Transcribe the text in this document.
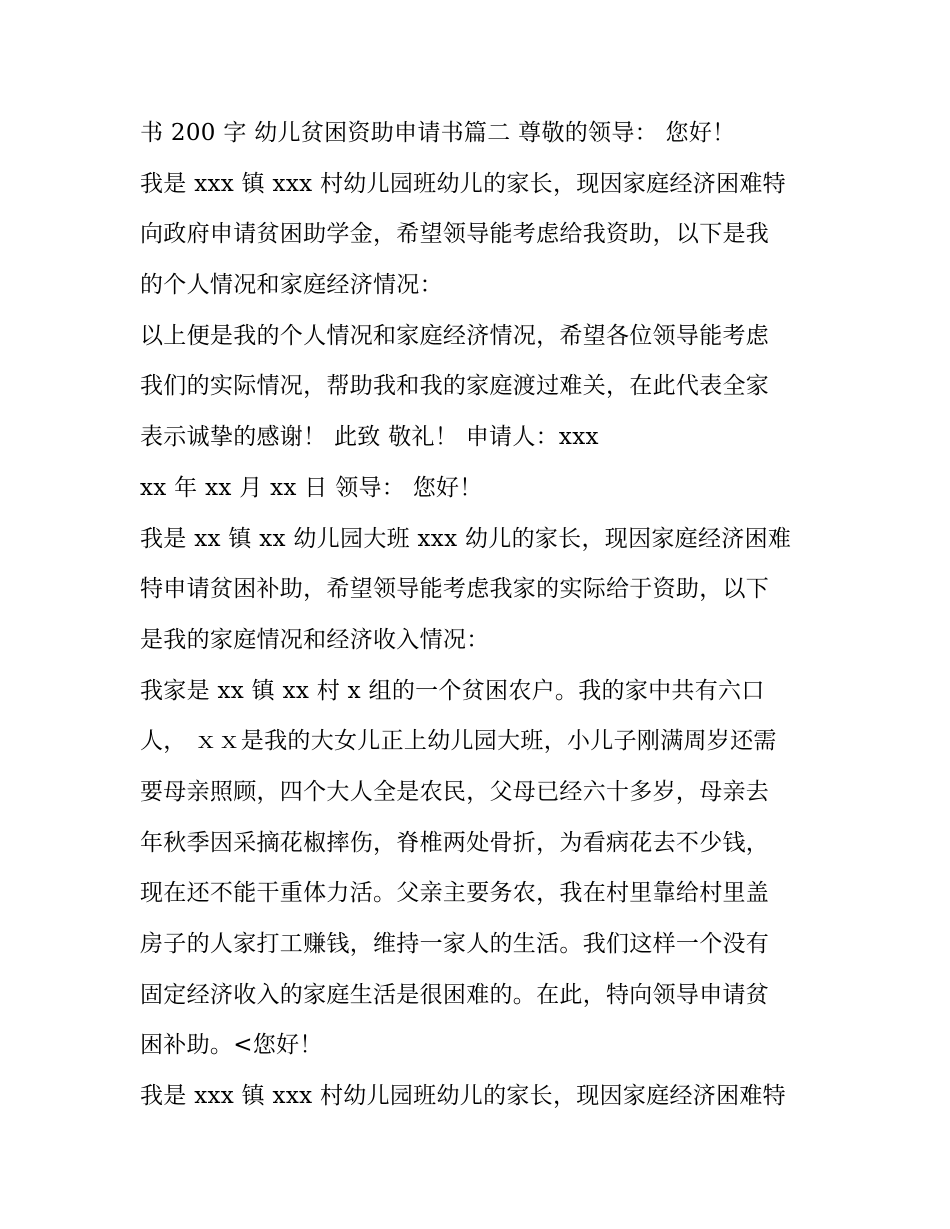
书 200 字 幼儿贫困资助申请书篇二 尊敬的领导： 您好！
我是 xxx 镇 xxx 村幼儿园班幼儿的家长，现因家庭经济困难特
向政府申请贫困助学金，希望领导能考虑给我资助，以下是我
的个人情况和家庭经济情况：
以上便是我的个人情况和家庭经济情况，希望各位领导能考虑
我们的实际情况，帮助我和我的家庭渡过难关，在此代表全家
表示诚挚的感谢！ 此致 敬礼！ 申请人：xxx
xx 年 xx 月 xx 日 领导： 您好！
我是 xx 镇 xx 幼儿园大班 xxx 幼儿的家长，现因家庭经济困难
特申请贫困补助，希望领导能考虑我家的实际给于资助，以下
是我的家庭情况和经济收入情况：
我家是 xx 镇 xx 村 x 组的一个贫困农户。我的家中共有六口
人， ｘｘ是我的大女儿正上幼儿园大班，小儿子刚满周岁还需
要母亲照顾，四个大人全是农民，父母已经六十多岁，母亲去
年秋季因采摘花椒摔伤，脊椎两处骨折，为看病花去不少钱，
现在还不能干重体力活。父亲主要务农，我在村里靠给村里盖
房子的人家打工赚钱，维持一家人的生活。我们这样一个没有
固定经济收入的家庭生活是很困难的。在此，特向领导申请贫
困补助。<您好！
我是 xxx 镇 xxx 村幼儿园班幼儿的家长，现因家庭经济困难特
